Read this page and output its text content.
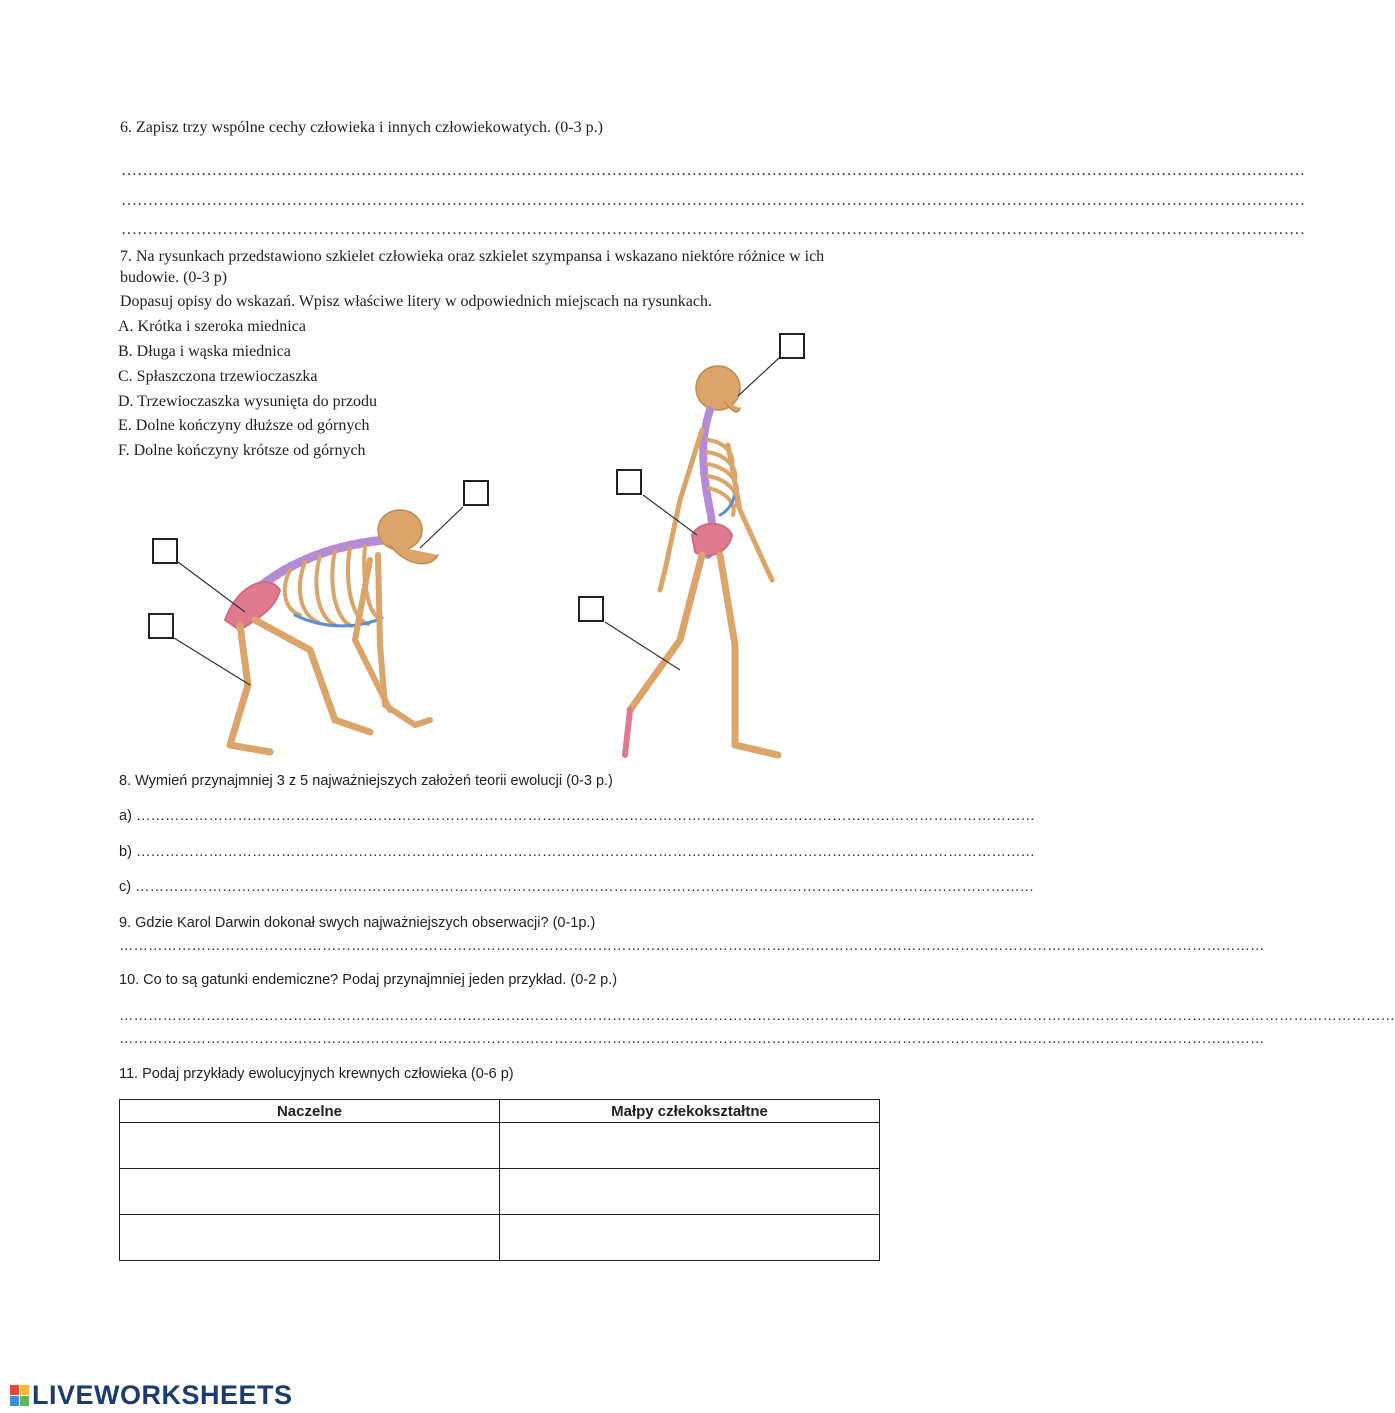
6. Zapisz trzy wspólne cechy człowieka i innych człowiekowatych. (0-3 p.)

……………………………………………………………………………………………………………………………………………………………………………………………………
……………………………………………………………………………………………………………………………………………………………………………………………………
……………………………………………………………………………………………………………………………………………………………………………………………………

7. Na rysunkach przedstawiono szkielet człowieka oraz szkielet szympansa i wskazano niektóre różnice w ich

budowie. (0-3 p)

Dopasuj opisy do wskazań. Wpisz właściwe litery w odpowiednich miejscach na rysunkach.

A. Krótka i szeroka miednica

B. Długa i wąska miednica

C. Spłaszczona trzewioczaszka

D. Trzewioczaszka wysunięta do przodu

E. Dolne kończyny dłuższe od górnych

F. Dolne kończyny krótsze od górnych

8. Wymień przynajmniej 3 z 5 najważniejszych założeń teorii ewolucji (0-3 p.)

a) ……………………………………………………………………………………………………………………………………………………………………
b) ……………………………………………………………………………………………………………………………………………………………………
c) ……………………………………………………………………………………………………………………………………………………………………

9. Gdzie Karol Darwin dokonał swych najważniejszych obserwacji? (0-1p.)

…………………………………………………………………………………………………………………………………………………………………………………………………………………

10. Co to są gatunki endemiczne? Podaj przynajmniej jeden przykład. (0-2 p.)

…………………………………………………………………………………………………………………………………………………………………………………………………………………………………………
…………………………………………………………………………………………………………………………………………………………………………………………………………………

11. Podaj przykłady ewolucyjnych krewnych człowieka (0-6 p)

Naczelne	Małpy człekokształtne

LIVEWORKSHEETS
